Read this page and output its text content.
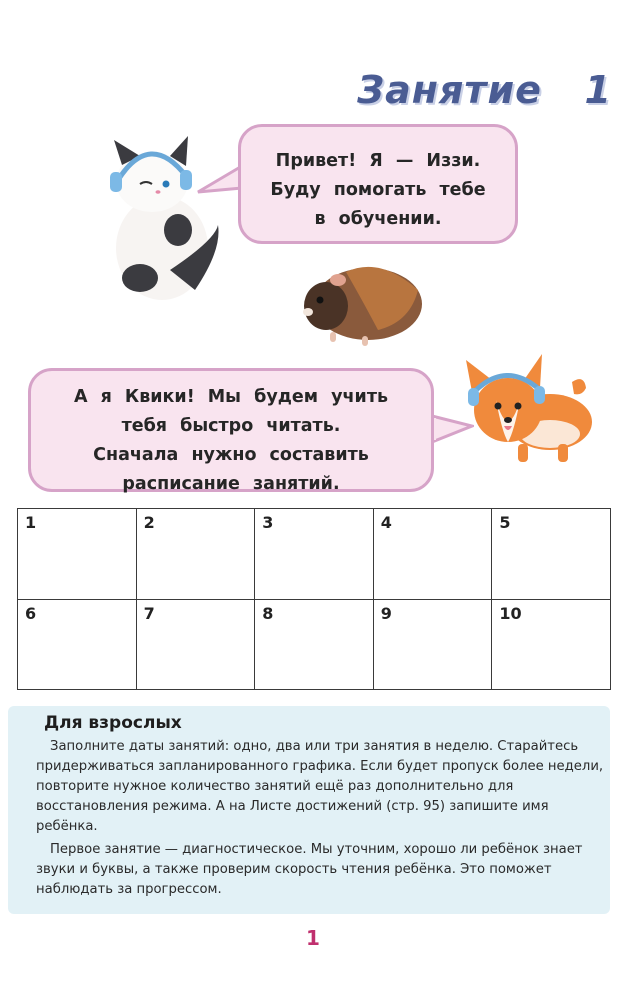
Занятие   1
Привет! Я — Иззи.
Буду помогать тебе
в обучении.
А я Квики! Мы будем учить
тебя быстро читать.
Сначала нужно составить
расписание занятий.
1	2	3	4	5
6	7	8	9	10
Для взрослых

Заполните даты занятий: одно, два или три занятия в неделю. Старайтесь придерживаться запланированного графика. Если будет пропуск более недели, повторите нужное количество занятий ещё раз дополнительно для восстановления режима. А на Листе достижений (стр. 95) запишите имя ребёнка.

Первое занятие — диагностическое. Мы уточним, хорошо ли ребёнок знает звуки и буквы, а также проверим скорость чтения ребёнка. Это поможет наблюдать за прогрессом.

1
